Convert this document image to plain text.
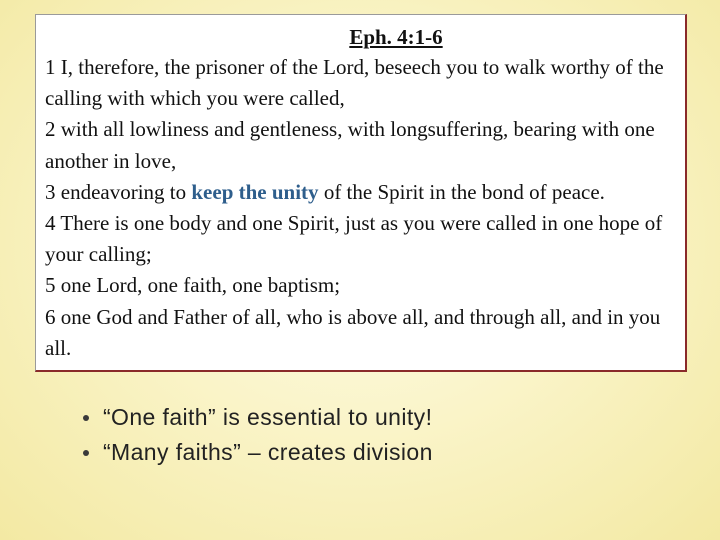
Eph. 4:1-6

1 I, therefore, the prisoner of the Lord, beseech you to walk worthy of the calling with which you were called,

2 with all lowliness and gentleness, with longsuffering, bearing with one another in love,

3 endeavoring to keep the unity of the Spirit in the bond of peace.

4 There is one body and one Spirit, just as you were called in one hope of your calling;

5 one Lord, one faith, one baptism;

6 one God and Father of all, who is above all, and through all, and in you all.

“One faith” is essential to unity!
“Many faiths” – creates division
